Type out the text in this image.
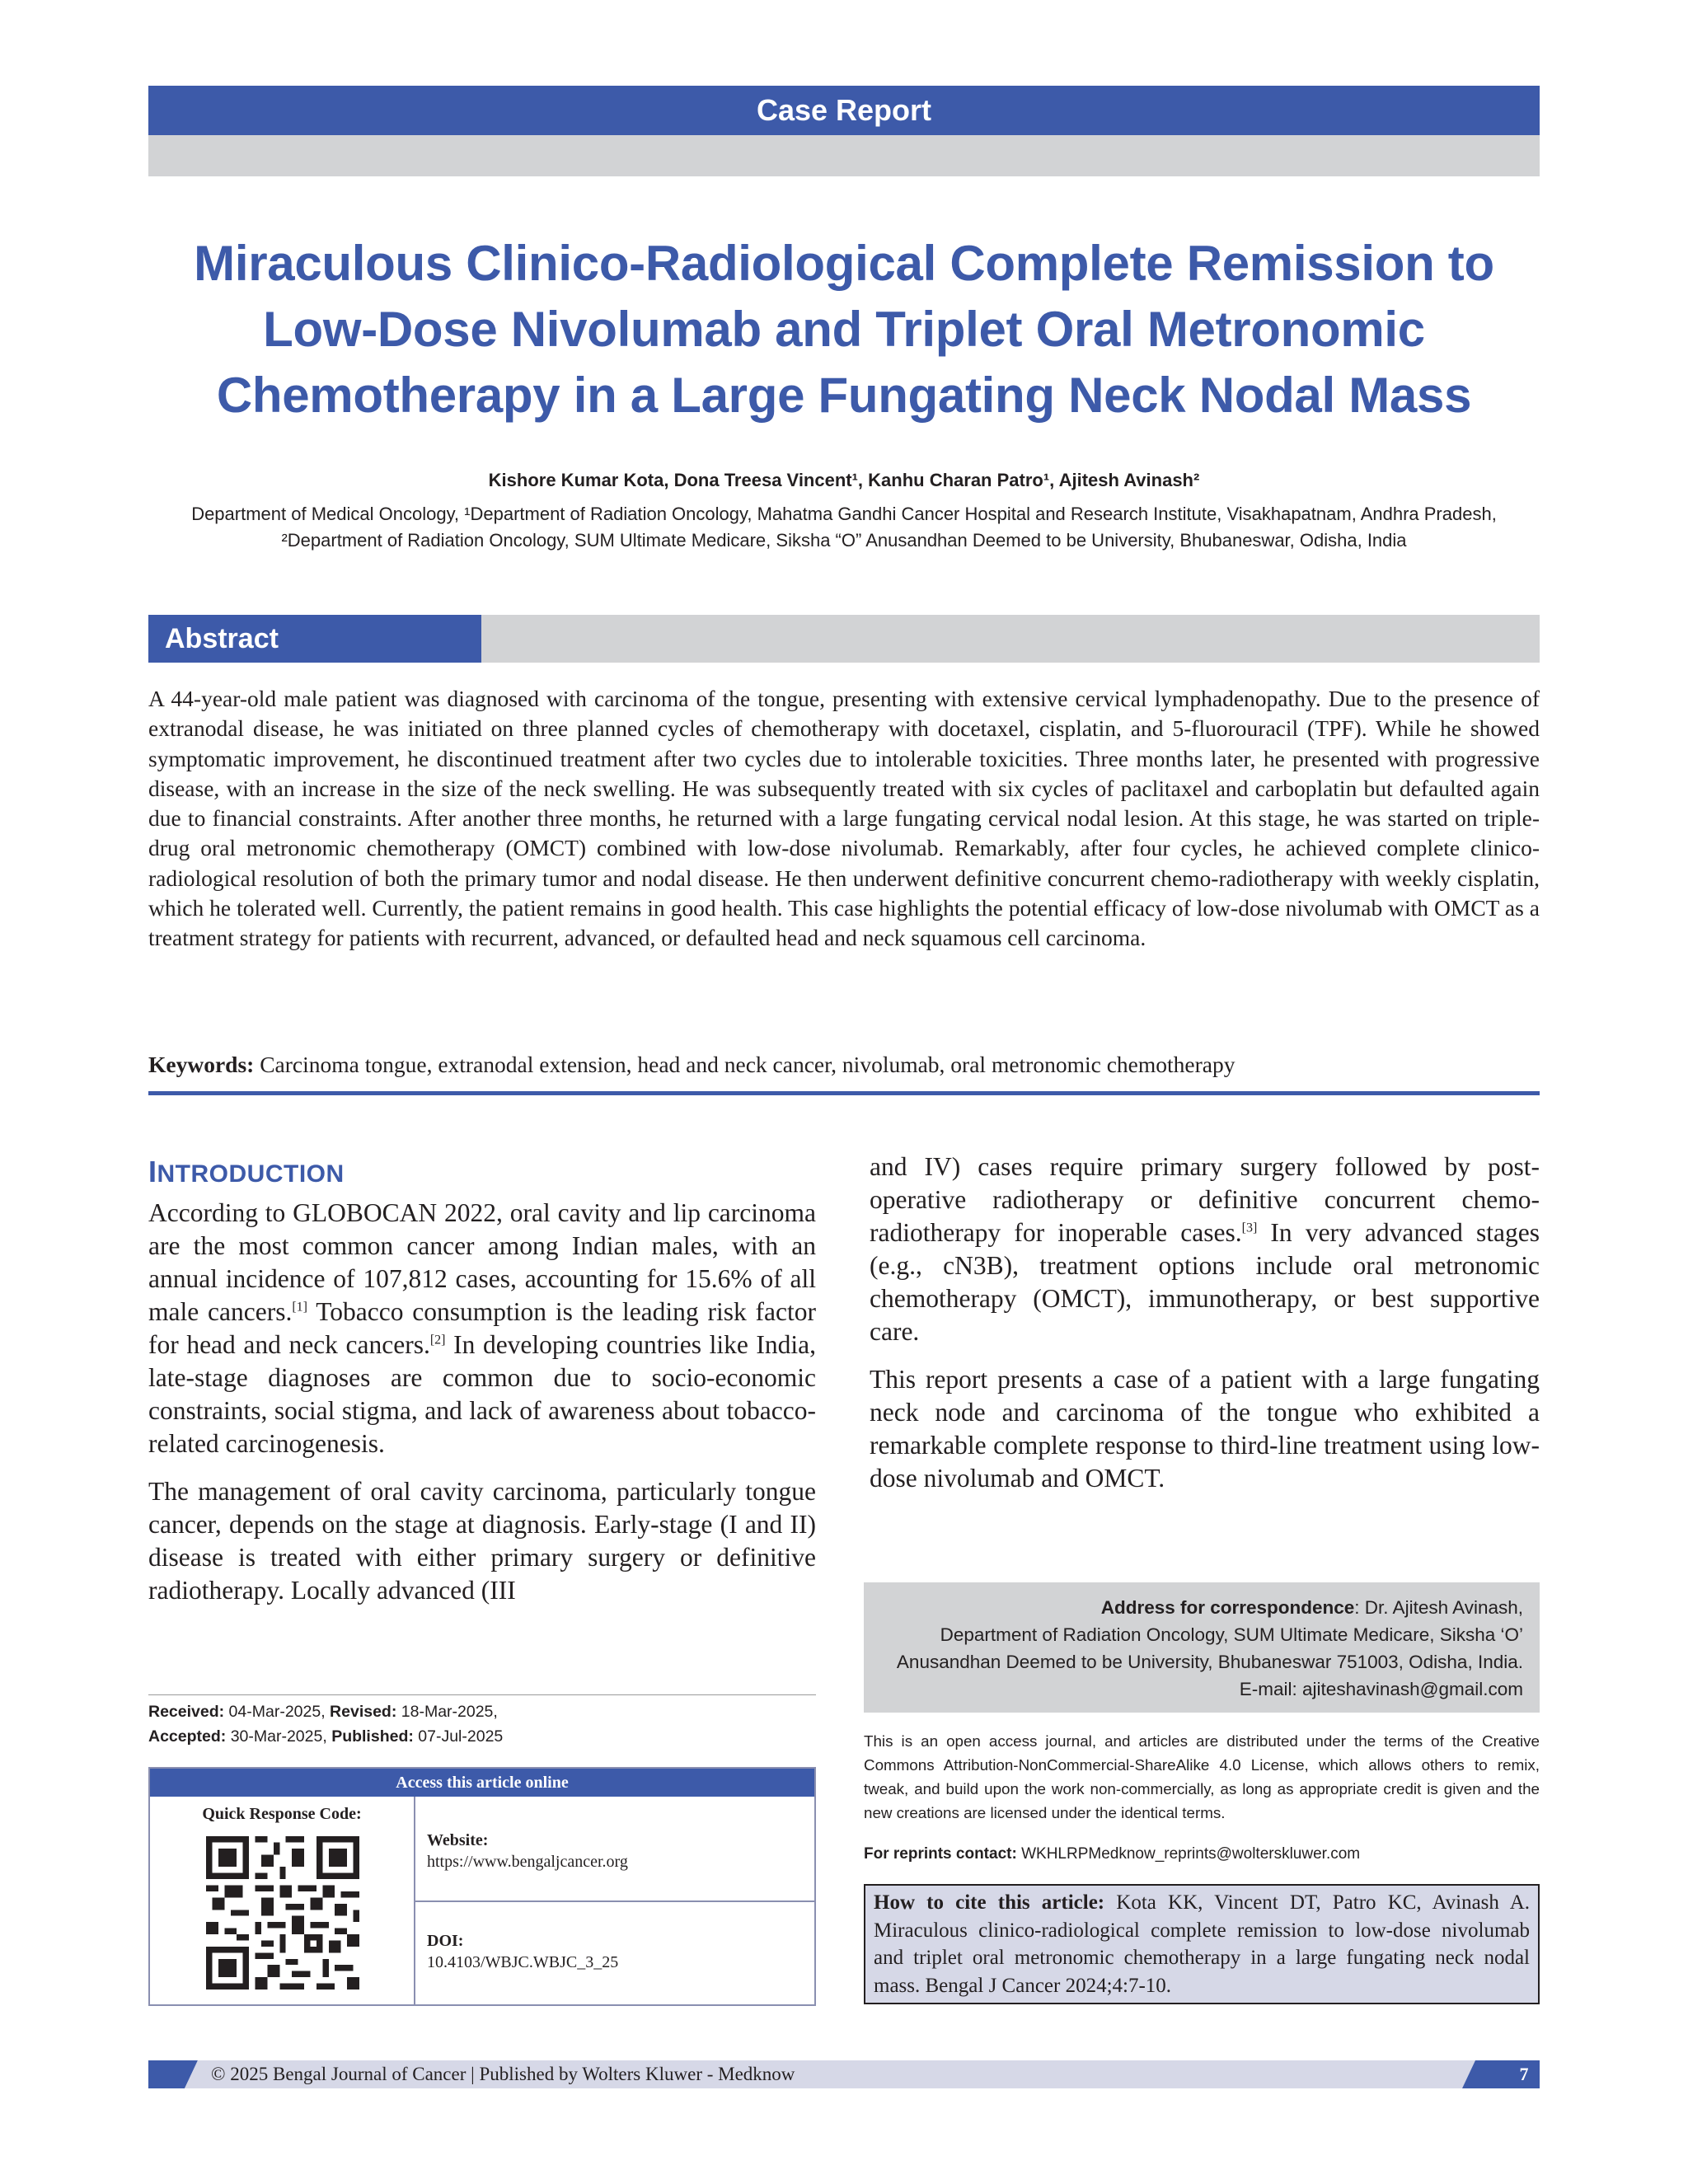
Case Report
Miraculous Clinico-Radiological Complete Remission to
Low-Dose Nivolumab and Triplet Oral Metronomic
Chemotherapy in a Large Fungating Neck Nodal Mass
Kishore Kumar Kota, Dona Treesa Vincent¹, Kanhu Charan Patro¹, Ajitesh Avinash²
Department of Medical Oncology, ¹Department of Radiation Oncology, Mahatma Gandhi Cancer Hospital and Research Institute, Visakhapatnam, Andhra Pradesh,
²Department of Radiation Oncology, SUM Ultimate Medicare, Siksha “O” Anusandhan Deemed to be University, Bhubaneswar, Odisha, India
Abstract

A 44-year-old male patient was diagnosed with carcinoma of the tongue, presenting with extensive cervical lymphadenopathy. Due to the presence of extranodal disease, he was initiated on three planned cycles of chemotherapy with docetaxel, cisplatin, and 5-fluorouracil (TPF). While he showed symptomatic improvement, he discontinued treatment after two cycles due to intolerable toxicities. Three months later, he presented with progressive disease, with an increase in the size of the neck swelling. He was subsequently treated with six cycles of paclitaxel and carboplatin but defaulted again due to financial constraints. After another three months, he returned with a large fungating cervical nodal lesion. At this stage, he was started on triple-drug oral metronomic chemotherapy (OMCT) combined with low-dose nivolumab. Remarkably, after four cycles, he achieved complete clinico-radiological resolution of both the primary tumor and nodal disease. He then underwent definitive concurrent chemo-radiotherapy with weekly cisplatin, which he tolerated well. Currently, the patient remains in good health. This case highlights the potential efficacy of low-dose nivolumab with OMCT as a treatment strategy for patients with recurrent, advanced, or defaulted head and neck squamous cell carcinoma.

Keywords: Carcinoma tongue, extranodal extension, head and neck cancer, nivolumab, oral metronomic chemotherapy

INTRODUCTION

According to GLOBOCAN 2022, oral cavity and lip carcinoma are the most common cancer among Indian males, with an annual incidence of 107,812 cases, accounting for 15.6% of all male cancers.[1] Tobacco consumption is the leading risk factor for head and neck cancers.[2] In developing countries like India, late-stage diagnoses are common due to socio-economic constraints, social stigma, and lack of awareness about tobacco-related carcinogenesis.

The management of oral cavity carcinoma, particularly tongue cancer, depends on the stage at diagnosis. Early-stage (I and II) disease is treated with either primary surgery or definitive radiotherapy. Locally advanced (III

and IV) cases require primary surgery followed by post-operative radiotherapy or definitive concurrent chemo-radiotherapy for inoperable cases.[3] In very advanced stages (e.g., cN3B), treatment options include oral metronomic chemotherapy (OMCT), immunotherapy, or best supportive care.

This report presents a case of a patient with a large fungating neck node and carcinoma of the tongue who exhibited a remarkable complete response to third-line treatment using low-dose nivolumab and OMCT.

Received: 04-Mar-2025, Revised: 18-Mar-2025,
Accepted: 30-Mar-2025, Published: 07-Jul-2025
Access this article online
Quick Response Code:
Website:
https://www.bengaljcancer.org
DOI:
10.4103/WBJC.WBJC_3_25
Address for correspondence: Dr. Ajitesh Avinash,
Department of Radiation Oncology, SUM Ultimate Medicare, Siksha ‘O’
Anusandhan Deemed to be University, Bhubaneswar 751003, Odisha, India.
E-mail: ajiteshavinash@gmail.com

This is an open access journal, and articles are distributed under the terms of the Creative Commons Attribution-NonCommercial-ShareAlike 4.0 License, which allows others to remix, tweak, and build upon the work non-commercially, as long as appropriate credit is given and the new creations are licensed under the identical terms.

For reprints contact: WKHLRPMedknow_reprints@wolterskluwer.com

How to cite this article: Kota KK, Vincent DT, Patro KC, Avinash A. Miraculous clinico-radiological complete remission to low-dose nivolumab and triplet oral metronomic chemotherapy in a large fungating neck nodal mass. Bengal J Cancer 2024;4:7-10.
© 2025 Bengal Journal of Cancer | Published by Wolters Kluwer - Medknow	7
